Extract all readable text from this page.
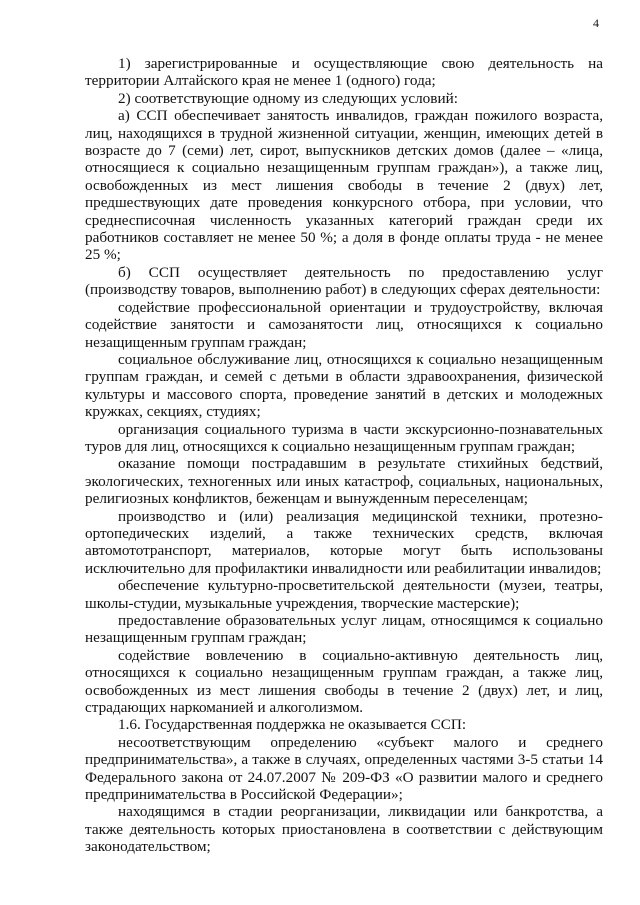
4

1) зарегистрированные и осуществляющие свою деятельность на территории Алтайского края не менее 1 (одного) года;

2) соответствующие одному из следующих условий:

а) ССП обеспечивает занятость инвалидов, граждан пожилого возраста, лиц, находящихся в трудной жизненной ситуации, женщин, имеющих детей в возрасте до 7 (семи) лет, сирот, выпускников детских домов (далее – «лица, относящиеся к социально незащищенным группам граждан»), а также лиц, освобожденных из мест лишения свободы в течение 2 (двух) лет, предшествующих дате проведения конкурсного отбора, при условии, что среднесписочная численность указанных категорий граждан среди их работников составляет не менее 50 %; а доля в фонде оплаты труда - не менее 25 %;

б) ССП осуществляет деятельность по предоставлению услуг (производству товаров, выполнению работ) в следующих сферах деятельности:

содействие профессиональной ориентации и трудоустройству, включая содействие занятости и самозанятости лиц, относящихся к социально незащищенным группам граждан;

социальное обслуживание лиц, относящихся к социально незащищенным группам граждан, и семей с детьми в области здравоохранения, физической культуры и массового спорта, проведение занятий в детских и молодежных кружках, секциях, студиях;

организация социального туризма в части экскурсионно-познавательных туров для лиц, относящихся к социально незащищенным группам граждан;

оказание помощи пострадавшим в результате стихийных бедствий, экологических, техногенных или иных катастроф, социальных, национальных, религиозных конфликтов, беженцам и вынужденным переселенцам;

производство и (или) реализация медицинской техники, протезно-ортопедических изделий, а также технических средств, включая автомототранспорт, материалов, которые могут быть использованы исключительно для профилактики инвалидности или реабилитации инвалидов;

обеспечение культурно-просветительской деятельности (музеи, театры, школы-студии, музыкальные учреждения, творческие мастерские);

предоставление образовательных услуг лицам, относящимся к социально незащищенным группам граждан;

содействие вовлечению в социально-активную деятельность лиц, относящихся к социально незащищенным группам граждан, а также лиц, освобожденных из мест лишения свободы в течение 2 (двух) лет, и лиц, страдающих наркоманией и алкоголизмом.

1.6. Государственная поддержка не оказывается ССП:

несоответствующим определению «субъект малого и среднего предпринимательства», а также в случаях, определенных частями 3-5 статьи 14 Федерального закона от 24.07.2007 № 209-ФЗ «О развитии малого и среднего предпринимательства в Российской Федерации»;

находящимся в стадии реорганизации, ликвидации или банкротства, а также деятельность которых приостановлена в соответствии с действующим законодательством;
